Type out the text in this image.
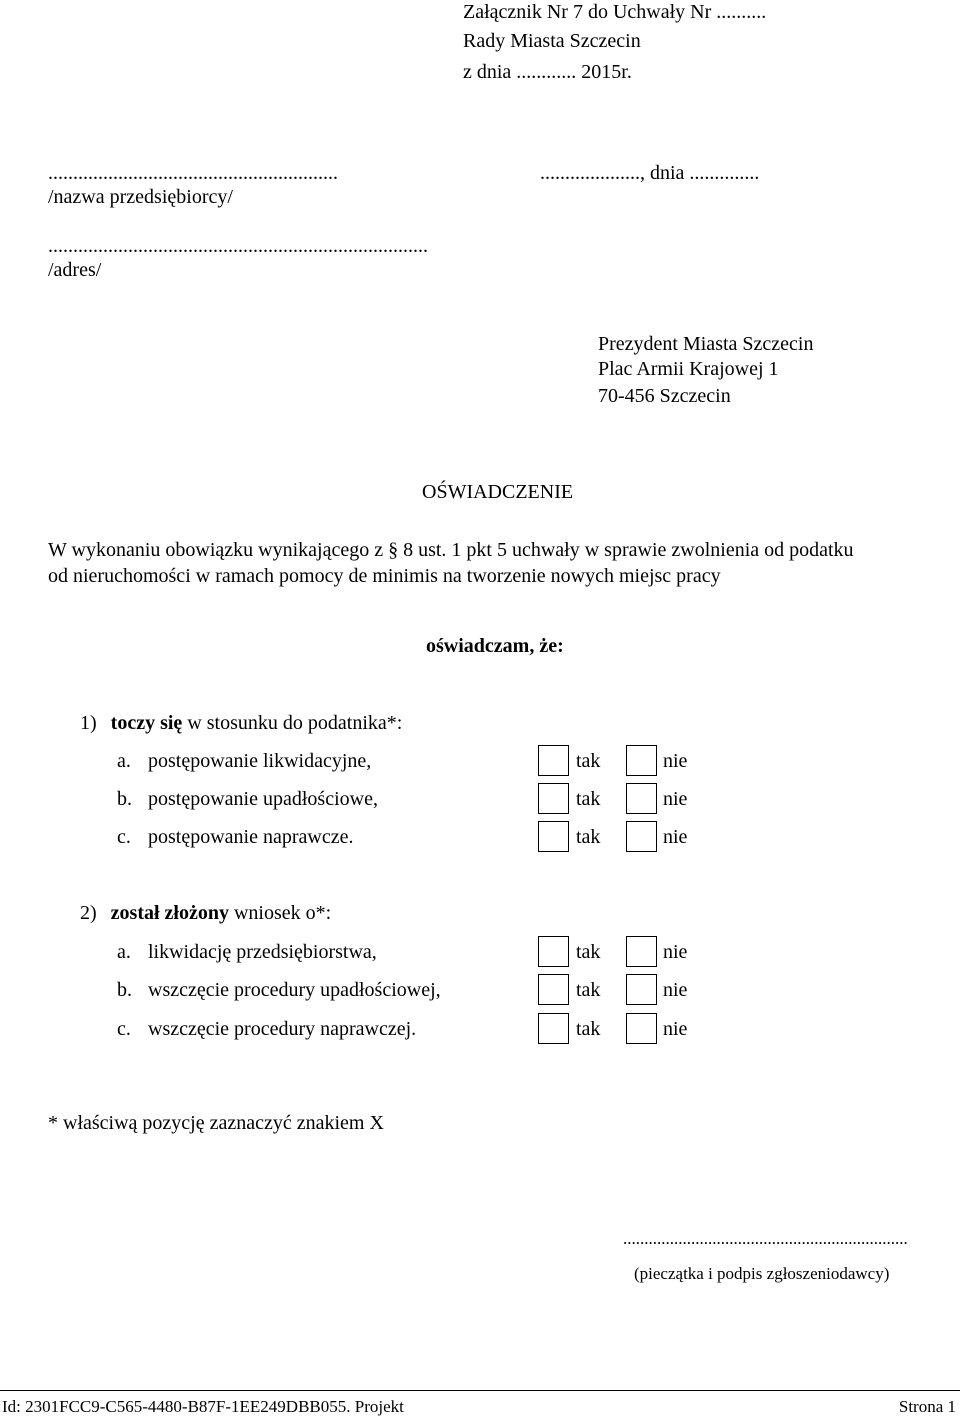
Załącznik Nr 7 do Uchwały Nr ..........
Rady Miasta Szczecin
z dnia ............ 2015r.
..........................................................
/nazwa przedsiębiorcy/
...................., dnia ..............
............................................................................
/adres/
Prezydent Miasta Szczecin
Plac Armii Krajowej 1
70-456 Szczecin
OŚWIADCZENIE
W wykonaniu obowiązku wynikającego z § 8 ust. 1 pkt 5 uchwały w sprawie zwolnienia od podatku
od nieruchomości w ramach pomocy de minimis na tworzenie nowych miejsc pracy
oświadczam, że:
1) toczy się w stosunku do podatnika*:
a. postępowanie likwidacyjne,	tak	nie
b. postępowanie upadłościowe,	tak	nie
c. postępowanie naprawcze.	tak	nie
2) został złożony wniosek o*:
a. likwidację przedsiębiorstwa,	tak	nie
b. wszczęcie procedury upadłościowej,	tak	nie
c. wszczęcie procedury naprawczej.	tak	nie
* właściwą pozycję zaznaczyć znakiem X
...................................................................
(pieczątka i podpis zgłoszeniodawcy)
Id: 2301FCC9-C565-4480-B87F-1EE249DBB055. Projekt	Strona 1
